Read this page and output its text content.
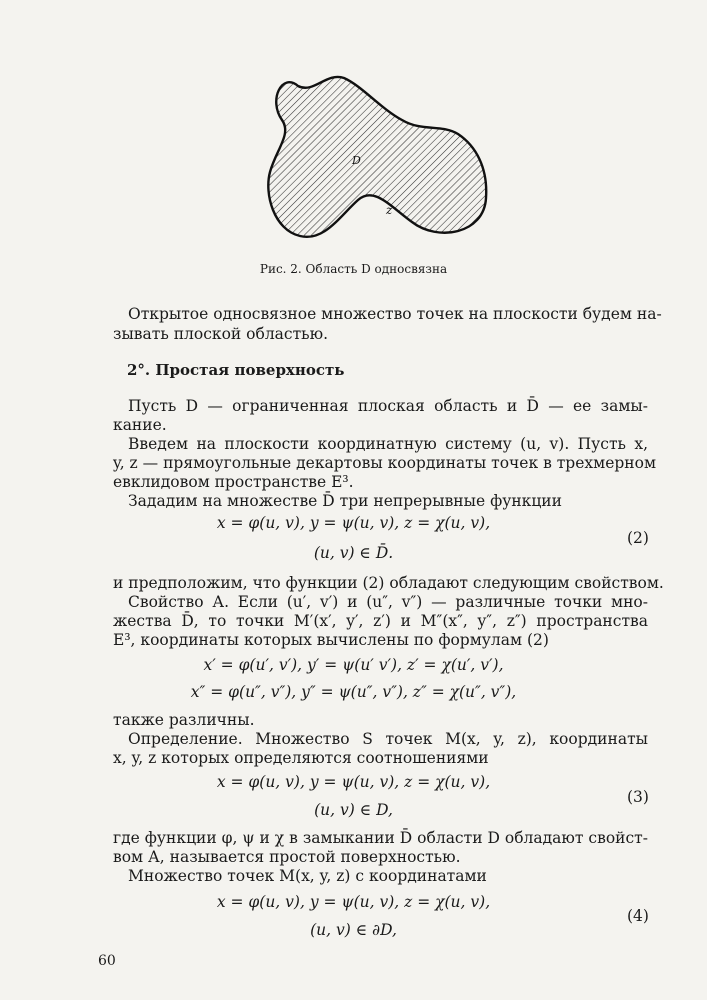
D
z
Рис. 2. Область D односвязна
Открытое односвязное множество точек на плоскости будем на-
зывать плоской областью.
2°. Простая поверхность
Пусть D — ограниченная плоская область и D̄ — ее замы-
кание.
Введем на плоскости координатную систему (u, v). Пусть x,
y, z — прямоугольные декартовы координаты точек в трехмерном
евклидовом пространстве E³.
Зададим на множестве D̄ три непрерывные функции
x = φ(u, v), y = ψ(u, v), z = χ(u, v),
(u, v) ∈ D̄.
(2)
и предположим, что функции (2) обладают следующим свойством.
Свойство А. Если (u′, v′) и (u″, v″) — различные точки мно-
жества D̄, то точки M′(x′, y′, z′) и M″(x″, y″, z″) пространства
E³, координаты которых вычислены по формулам (2)
x′ = φ(u′, v′), y′ = ψ(u′ v′), z′ = χ(u′, v′),
x″ = φ(u″, v″), y″ = ψ(u″, v″), z″ = χ(u″, v″),
также различны.
Определение. Множество S точек M(x, y, z), координаты
x, y, z которых определяются соотношениями
x = φ(u, v), y = ψ(u, v), z = χ(u, v),
(u, v) ∈ D,
(3)
где функции φ, ψ и χ в замыкании D̄ области D обладают свойст-
вом А, называется простой поверхностью.
Множество точек M(x, y, z) с координатами
x = φ(u, v), y = ψ(u, v), z = χ(u, v),
(u, v) ∈ ∂D,
(4)
60
